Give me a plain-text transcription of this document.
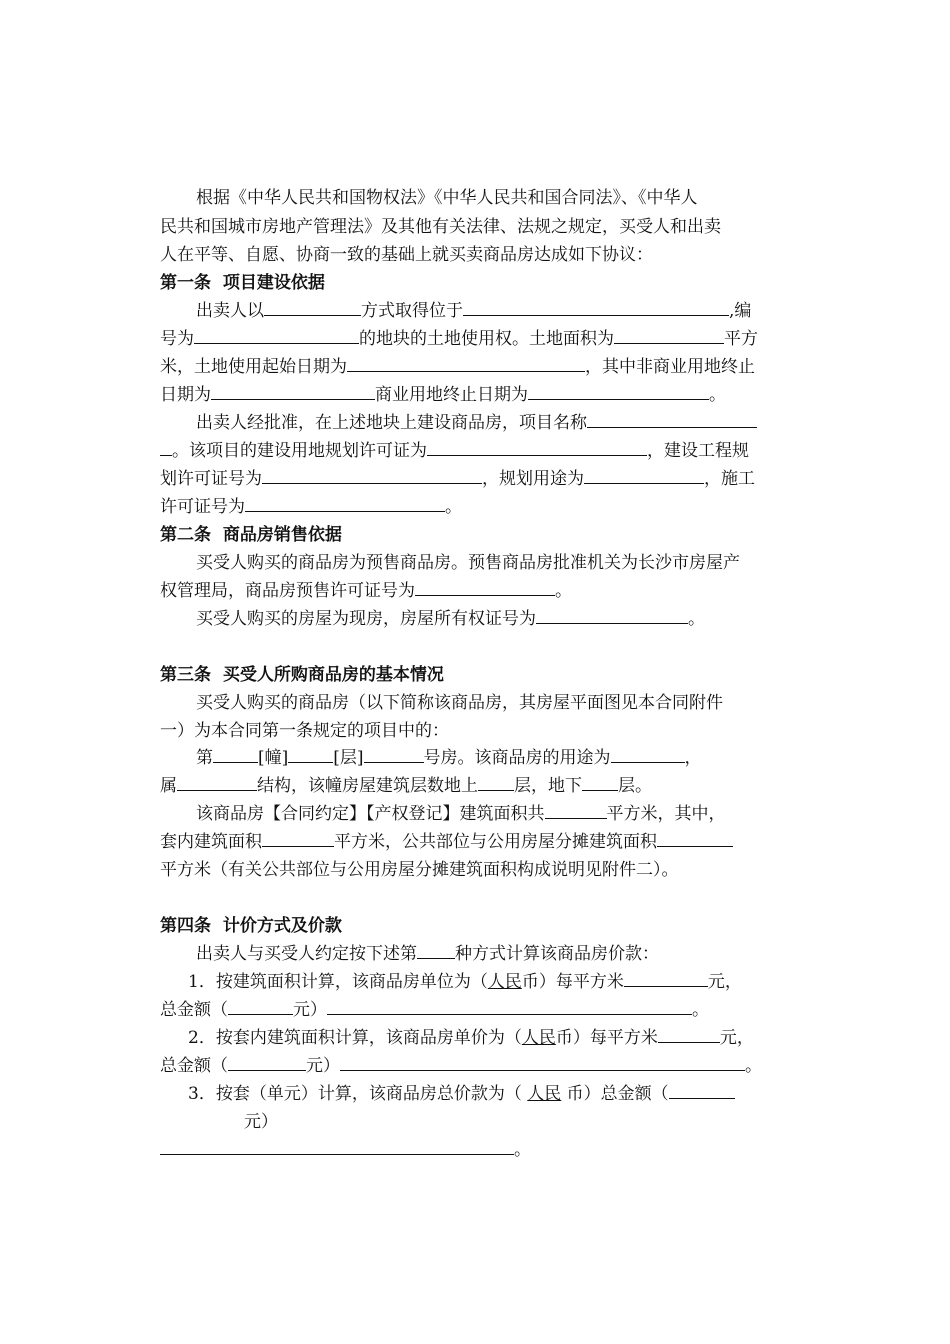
根据《中华人民共和国物权法》《中华人民共和国合同法》、《中华人
民共和国城市房地产管理法》及其他有关法律、法规之规定，买受人和出卖
人在平等、自愿、协商一致的基础上就买卖商品房达成如下协议：
第一条  项目建设依据
出卖人以	方式取得位于	,编
号为	的地块的土地使用权。土地面积为	平方
米，土地使用起始日期为	，其中非商业用地终止
日期为	商业用地终止日期为	。
出卖人经批准，在上述地块上建设商品房，项目名称
。该项目的建设用地规划许可证为	，建设工程规
划许可证号为	，规划用途为	，施工
许可证号为	。
第二条  商品房销售依据
买受人购买的商品房为预售商品房。预售商品房批准机关为长沙市房屋产
权管理局，商品房预售许可证号为	。
买受人购买的房屋为现房，房屋所有权证号为	。
第三条  买受人所购商品房的基本情况
买受人购买的商品房（以下简称该商品房，其房屋平面图见本合同附件
一）为本合同第一条规定的项目中的：
第	[幢]	[层]	号房。该商品房的用途为	，
属	结构，该幢房屋建筑层数地上 层，地下 层。
该商品房【合同约定】【产权登记】建筑面积共	平方米，其中，
套内建筑面积	平方米，公共部位与公用房屋分摊建筑面积
平方米（有关公共部位与公用房屋分摊建筑面积构成说明见附件二）。
第四条  计价方式及价款
出卖人与买受人约定按下述第 种方式计算该商品房价款：
1．按建筑面积计算，该商品房单位为（人民币）每平方米	元，
总金额（	元）	。
2．按套内建筑面积计算，该商品房单价为（人民币）每平方米	元，
总金额（	元）	。
3．按套（单元）计算，该商品房总价款为（ 人民 币）总金额（
元）
。
